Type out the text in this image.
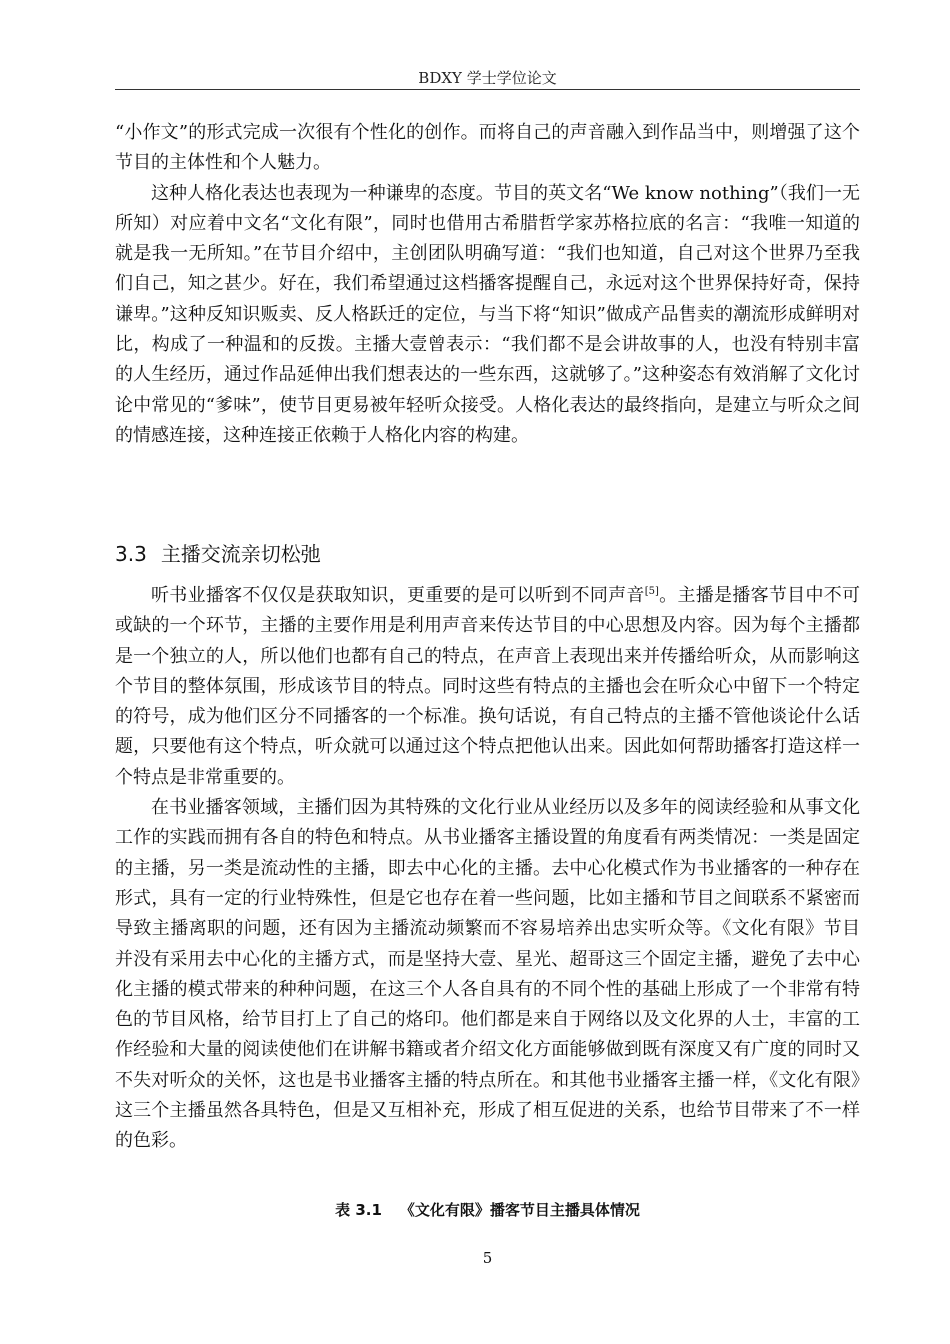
BDXY 学士学位论文

“小作文”的形式完成一次很有个性化的创作。而将自己的声音融入到作品当中，则增强了这个节目的主体性和个人魅力。

这种人格化表达也表现为一种谦卑的态度。节目的英文名“We know nothing”（我们一无所知）对应着中文名“文化有限”，同时也借用古希腊哲学家苏格拉底的名言：“我唯一知道的就是我一无所知。”在节目介绍中，主创团队明确写道：“我们也知道，自己对这个世界乃至我们自己，知之甚少。好在，我们希望通过这档播客提醒自己，永远对这个世界保持好奇，保持谦卑。”这种反知识贩卖、反人格跃迁的定位，与当下将“知识”做成产品售卖的潮流形成鲜明对比，构成了一种温和的反拨。主播大壹曾表示：“我们都不是会讲故事的人，也没有特别丰富的人生经历，通过作品延伸出我们想表达的一些东西，这就够了。”这种姿态有效消解了文化讨论中常见的“爹味”，使节目更易被年轻听众接受。人格化表达的最终指向，是建立与听众之间的情感连接，这种连接正依赖于人格化内容的构建。

3.3 主播交流亲切松弛

听书业播客不仅仅是获取知识，更重要的是可以听到不同声音[5]。主播是播客节目中不可或缺的一个环节，主播的主要作用是利用声音来传达节目的中心思想及内容。因为每个主播都是一个独立的人，所以他们也都有自己的特点，在声音上表现出来并传播给听众，从而影响这个节目的整体氛围，形成该节目的特点。同时这些有特点的主播也会在听众心中留下一个特定的符号，成为他们区分不同播客的一个标准。换句话说，有自己特点的主播不管他谈论什么话题，只要他有这个特点，听众就可以通过这个特点把他认出来。因此如何帮助播客打造这样一个特点是非常重要的。

在书业播客领域，主播们因为其特殊的文化行业从业经历以及多年的阅读经验和从事文化工作的实践而拥有各自的特色和特点。从书业播客主播设置的角度看有两类情况：一类是固定的主播，另一类是流动性的主播，即去中心化的主播。去中心化模式作为书业播客的一种存在形式，具有一定的行业特殊性，但是它也存在着一些问题，比如主播和节目之间联系不紧密而导致主播离职的问题，还有因为主播流动频繁而不容易培养出忠实听众等。《文化有限》节目并没有采用去中心化的主播方式，而是坚持大壹、星光、超哥这三个固定主播，避免了去中心化主播的模式带来的种种问题，在这三个人各自具有的不同个性的基础上形成了一个非常有特色的节目风格，给节目打上了自己的烙印。他们都是来自于网络以及文化界的人士，丰富的工作经验和大量的阅读使他们在讲解书籍或者介绍文化方面能够做到既有深度又有广度的同时又不失对听众的关怀，这也是书业播客主播的特点所在。和其他书业播客主播一样，《文化有限》这三个主播虽然各具特色，但是又互相补充，形成了相互促进的关系，也给节目带来了不一样的色彩。

表 3.1 《文化有限》播客节目主播具体情况
5
